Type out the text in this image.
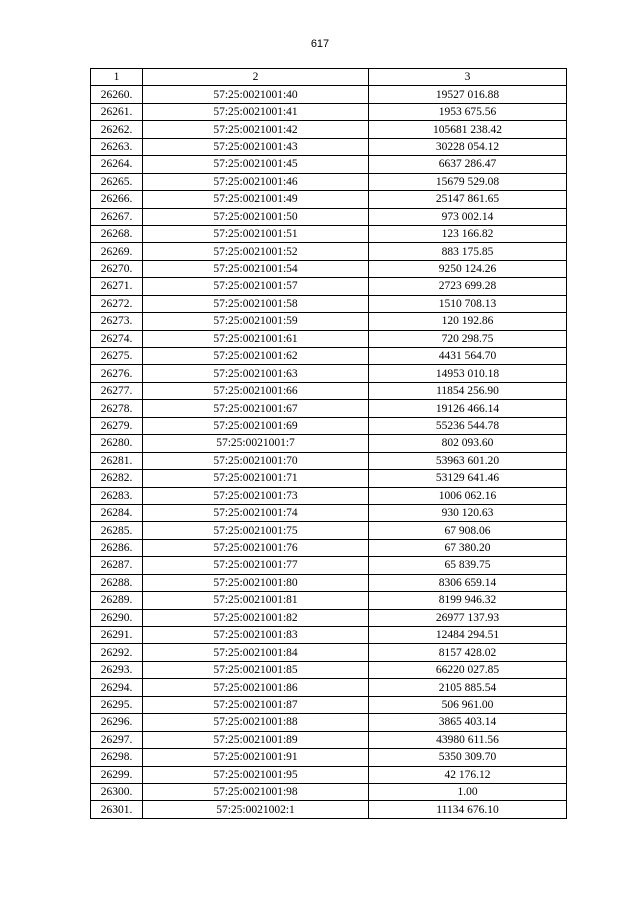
617
1	2	3
26260.	57:25:0021001:40	19527 016.88
26261.	57:25:0021001:41	1953 675.56
26262.	57:25:0021001:42	105681 238.42
26263.	57:25:0021001:43	30228 054.12
26264.	57:25:0021001:45	6637 286.47
26265.	57:25:0021001:46	15679 529.08
26266.	57:25:0021001:49	25147 861.65
26267.	57:25:0021001:50	973 002.14
26268.	57:25:0021001:51	123 166.82
26269.	57:25:0021001:52	883 175.85
26270.	57:25:0021001:54	9250 124.26
26271.	57:25:0021001:57	2723 699.28
26272.	57:25:0021001:58	1510 708.13
26273.	57:25:0021001:59	120 192.86
26274.	57:25:0021001:61	720 298.75
26275.	57:25:0021001:62	4431 564.70
26276.	57:25:0021001:63	14953 010.18
26277.	57:25:0021001:66	11854 256.90
26278.	57:25:0021001:67	19126 466.14
26279.	57:25:0021001:69	55236 544.78
26280.	57:25:0021001:7	802 093.60
26281.	57:25:0021001:70	53963 601.20
26282.	57:25:0021001:71	53129 641.46
26283.	57:25:0021001:73	1006 062.16
26284.	57:25:0021001:74	930 120.63
26285.	57:25:0021001:75	67 908.06
26286.	57:25:0021001:76	67 380.20
26287.	57:25:0021001:77	65 839.75
26288.	57:25:0021001:80	8306 659.14
26289.	57:25:0021001:81	8199 946.32
26290.	57:25:0021001:82	26977 137.93
26291.	57:25:0021001:83	12484 294.51
26292.	57:25:0021001:84	8157 428.02
26293.	57:25:0021001:85	66220 027.85
26294.	57:25:0021001:86	2105 885.54
26295.	57:25:0021001:87	506 961.00
26296.	57:25:0021001:88	3865 403.14
26297.	57:25:0021001:89	43980 611.56
26298.	57:25:0021001:91	5350 309.70
26299.	57:25:0021001:95	42 176.12
26300.	57:25:0021001:98	1.00
26301.	57:25:0021002:1	11134 676.10
